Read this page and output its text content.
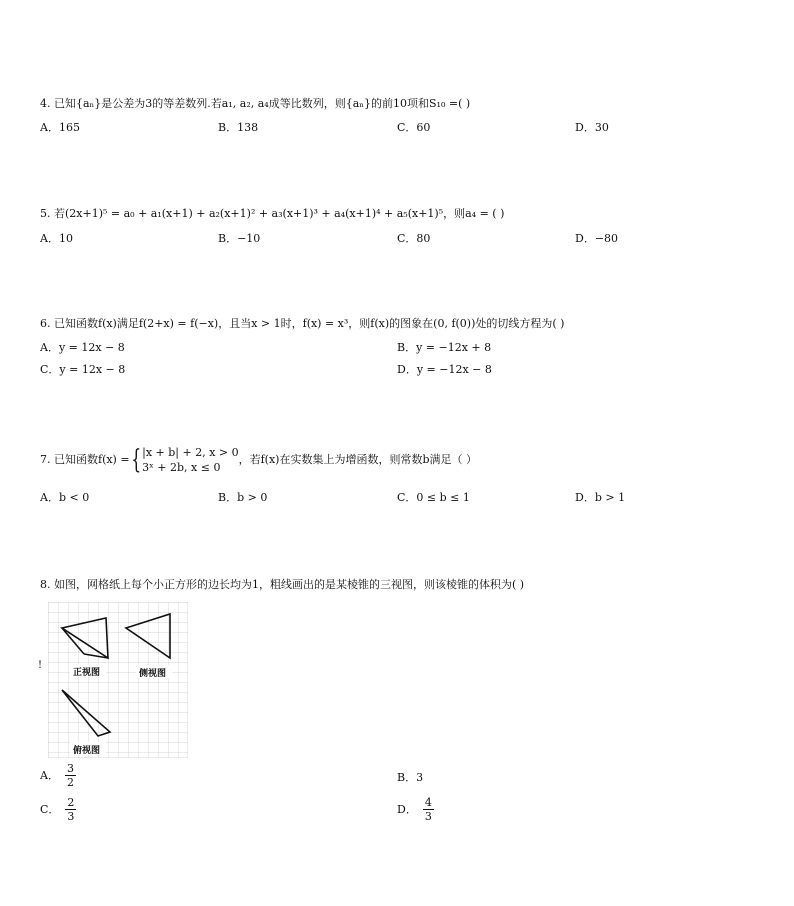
4. 已知{aₙ}是公差为3的等差数列.若a₁, a₂, a₄成等比数列，则{aₙ}的前10项和S₁₀ =( )
A．165	B．138	C．60	D．30
5. 若(2x+1)⁵ = a₀ + a₁(x+1) + a₂(x+1)² + a₃(x+1)³ + a₄(x+1)⁴ + a₅(x+1)⁵，则a₄ = ( )
A．10	B．−10	C．80	D．−80
6. 已知函数f(x)满足f(2+x) = f(−x)，且当x > 1时，f(x) = x³，则f(x)的图象在(0, f(0))处的切线方程为( )
A．y = 12x − 8	B．y = −12x + 8
C．y = 12x − 8	D．y = −12x − 8
7. 已知函数f(x) = { |x + b| + 2, x > 0
3ˣ + 2b, x ≤ 0
，若f(x)在实数集上为增函数，则常数b满足（ ）
A．b < 0	B．b > 0	C．0 ≤ b ≤ 1	D．b > 1
8. 如图，网格纸上每个小正方形的边长均为1，粗线画出的是某棱锥的三视图，则该棱锥的体积为( )
!
正视图	侧视图
俯视图
A． $\frac{3}{2}$	B．3
C． $\frac{2}{3}$	D． $\frac{4}{3}$
